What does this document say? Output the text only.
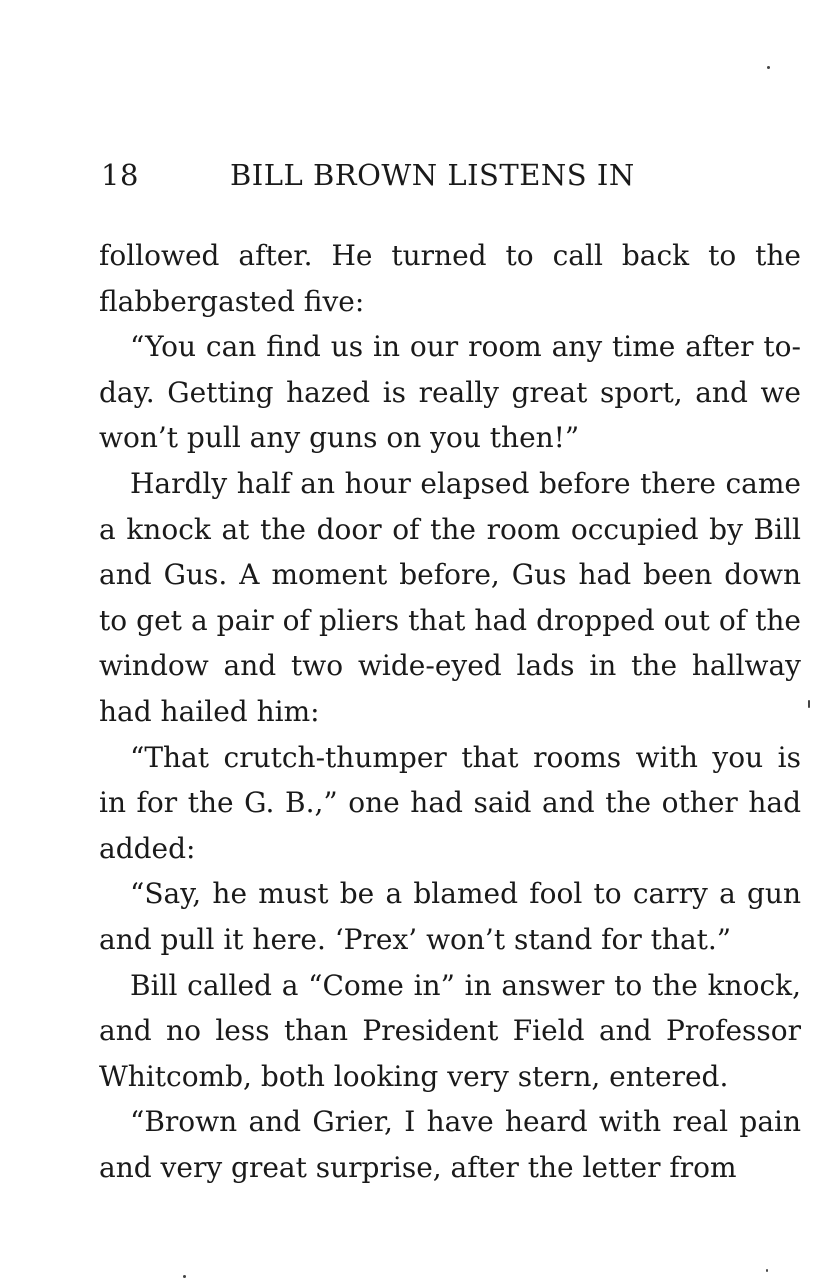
18	BILL BROWN LISTENS IN

followed after. He turned to call back to the flabbergasted five:

“You can find us in our room any time after to-day. Getting hazed is really great sport, and we won’t pull any guns on you then!”

Hardly half an hour elapsed before there came a knock at the door of the room occupied by Bill and Gus. A moment before, Gus had been down to get a pair of pliers that had dropped out of the window and two wide-eyed lads in the hallway had hailed him:

“That crutch-thumper that rooms with you is in for the G. B.,” one had said and the other had added:

“Say, he must be a blamed fool to carry a gun and pull it here. ‘Prex’ won’t stand for that.”

Bill called a “Come in” in answer to the knock, and no less than President Field and Professor Whitcomb, both looking very stern, entered.

“Brown and Grier, I have heard with real pain and very great surprise, after the letter from
